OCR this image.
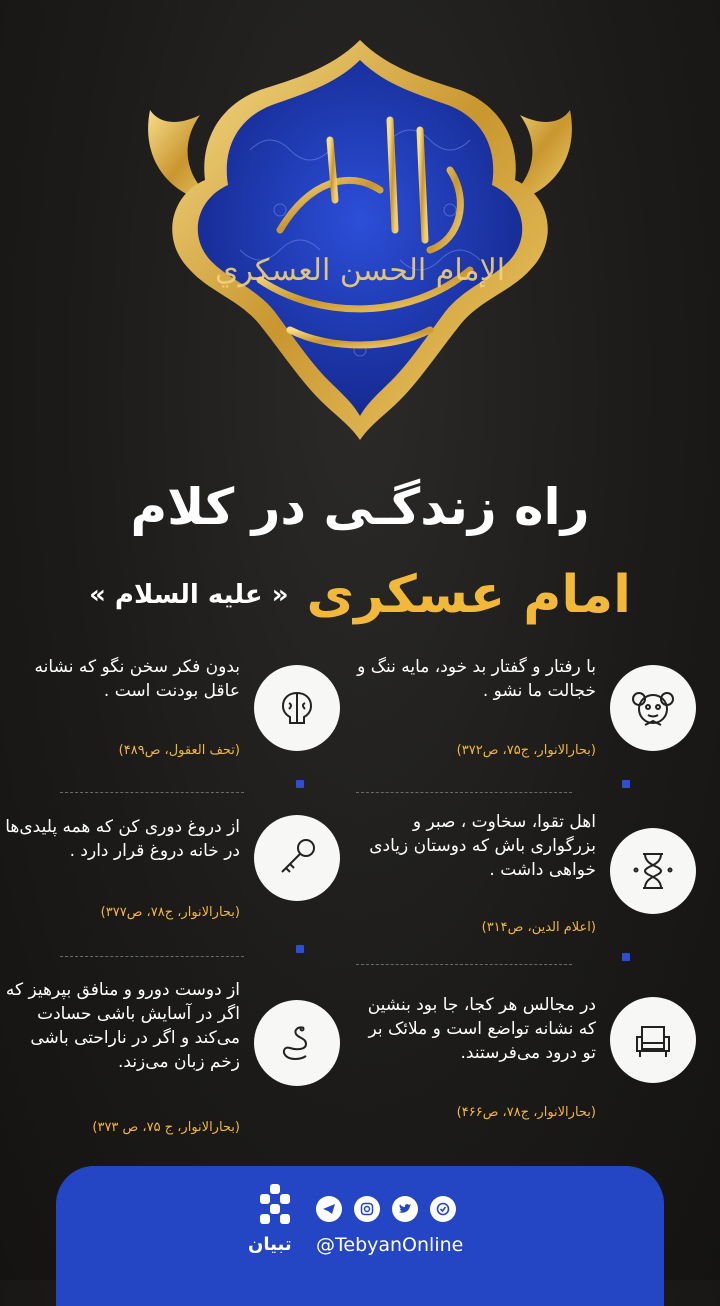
الإمام الحسن العسكري
راه زندگـی در کلام
امام عسکری
« علیه السلام »
با رفتار و گفتار بد خود، مایه ننگ و خجالت ما نشو .
(بحارالانوار، ج۷۵، ص۳۷۲)
بدون فکر سخن نگو که نشانه عاقل بودنت است .
(تحف العقول، ص۴۸۹)
اهل تقوا، سخاوت ، صبر و بزرگواری باش که دوستان زیادی خواهی داشت .
(اعلام الدین، ص۳۱۴)
از دروغ دوری کن که همه پلیدی‌ها در خانه دروغ قرار دارد .
(بحارالانوار، ج۷۸، ص۳۷۷)
در مجالس هر کجا، جا بود بنشین که نشانه تواضع است و ملائک بر تو درود می‌فرستند.
(بحارالانوار، ج۷۸، ص۴۶۶)
از دوست دورو و منافق بپرهیز که اگر در آسایش باشی حسادت می‌کند و اگر در ناراحتی باشی زخم زبان می‌زند.
(بحارالانوار، ج ۷۵، ص ۳۷۳)
تبیان @TebyanOnline
